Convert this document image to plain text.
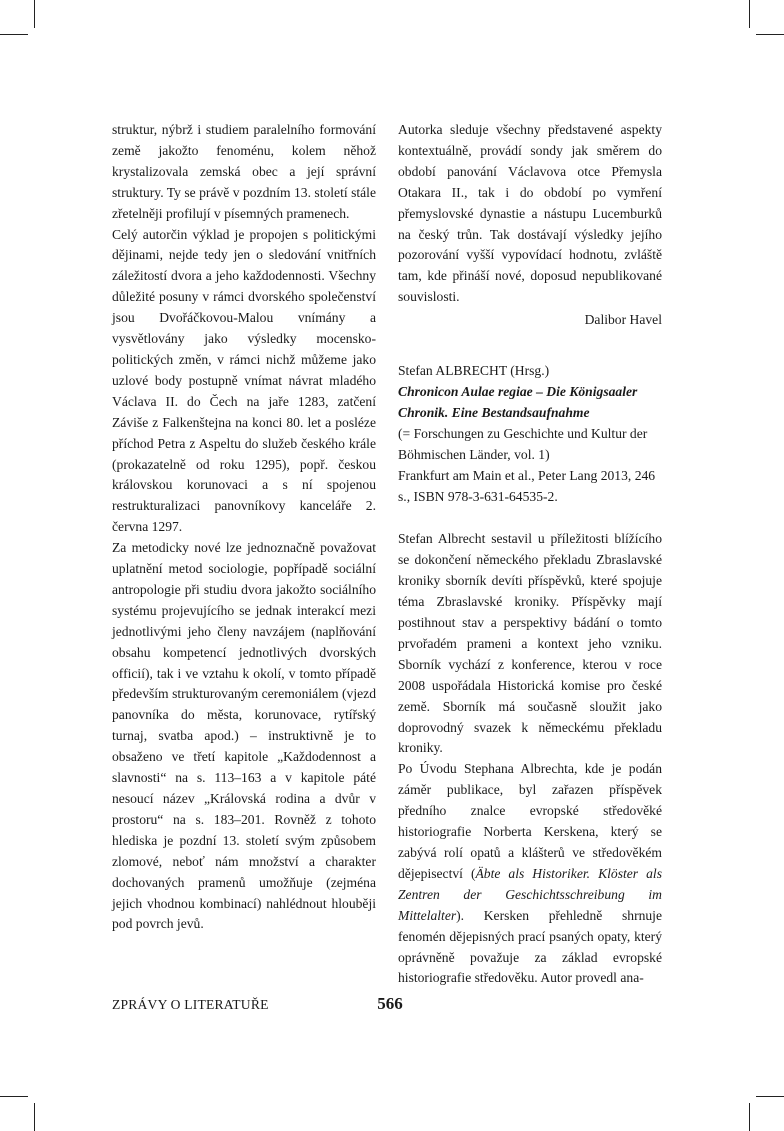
struktur, nýbrž i studiem paralelního formování země jakožto fenoménu, kolem něhož krystalizovala zemská obec a její správní struktury. Ty se právě v pozdním 13. století stále zřetelněji profilují v písemných pramenech.

Celý autorčin výklad je propojen s politickými dějinami, nejde tedy jen o sledování vnitřních záležitostí dvora a jeho každodennosti. Všechny důležité posuny v rámci dvorského společenství jsou Dvořáčkovou-Malou vnímány a vysvětlovány jako výsledky mocensko-politických změn, v rámci nichž můžeme jako uzlové body postupně vnímat návrat mladého Václava II. do Čech na jaře 1283, zatčení Záviše z Falkenštejna na konci 80. let a posléze příchod Petra z Aspeltu do služeb českého krále (prokazatelně od roku 1295), popř. českou královskou korunovaci a s ní spojenou restrukturalizaci panovníkovy kanceláře 2. června 1297.

Za metodicky nové lze jednoznačně považovat uplatnění metod sociologie, popřípadě sociální antropologie při studiu dvora jakožto sociálního systému projevujícího se jednak interakcí mezi jednotlivými jeho členy navzájem (naplňování obsahu kompetencí jednotlivých dvorských officií), tak i ve vztahu k okolí, v tomto případě především strukturovaným ceremoniálem (vjezd panovníka do města, korunovace, rytířský turnaj, svatba apod.) – instruktivně je to obsaženo ve třetí kapitole „Každodennost a slavnosti“ na s. 113–163 a v kapitole páté nesoucí název „Královská rodina a dvůr v prostoru“ na s. 183–201. Rovněž z tohoto hlediska je pozdní 13. století svým způsobem zlomové, neboť nám množství a charakter dochovaných pramenů umožňuje (zejména jejich vhodnou kombinací) nahlédnout hlouběji pod povrch jevů.

Autorka sleduje všechny představené aspekty kontextuálně, provádí sondy jak směrem do období panování Václavova otce Přemysla Otakara II., tak i do období po vymření přemyslovské dynastie a nástupu Lucemburků na český trůn. Tak dostávají výsledky jejího pozorování vyšší vypovídací hodnotu, zvláště tam, kde přináší nové, doposud nepublikované souvislosti.

Dalibor Havel

Stefan ALBRECHT (Hrsg.)
Chronicon Aulae regiae – Die Königsaaler Chronik. Eine Bestandsaufnahme
(= Forschungen zu Geschichte und Kultur der Böhmischen Länder, vol. 1)
Frankfurt am Main et al., Peter Lang 2013, 246 s., ISBN 978-3-631-64535-2.

Stefan Albrecht sestavil u příležitosti blížícího se dokončení německého překladu Zbraslavské kroniky sborník devíti příspěvků, které spojuje téma Zbraslavské kroniky. Příspěvky mají postihnout stav a perspektivy bádání o tomto prvořadém prameni a kontext jeho vzniku. Sborník vychází z konference, kterou v roce 2008 uspořádala Historická komise pro české země. Sborník má současně sloužit jako doprovodný svazek k německému překladu kroniky.

Po Úvodu Stephana Albrechta, kde je podán záměr publikace, byl zařazen příspěvek předního znalce evropské středověké historiografie Norberta Kerskena, který se zabývá rolí opatů a klášterů ve středověkém dějepisectví (Äbte als Historiker. Klöster als Zentren der Geschichtsschreibung im Mittelalter). Kersken přehledně shrnuje fenomén dějepisných prací psaných opaty, který oprávněně považuje za základ evropské historiografie středověku. Autor provedl ana-

ZPRÁVY O LITERATUŘE	566
